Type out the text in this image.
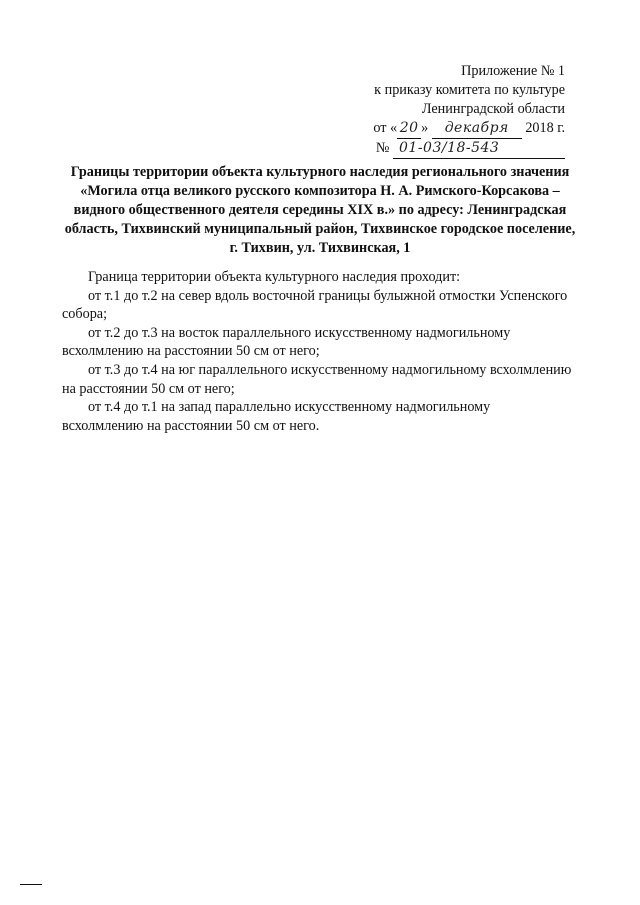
Приложение № 1
к приказу комитета по культуре
Ленинградской области
от « 20 » декабря 2018 г.
№ 01-03/18-543
Границы территории объекта культурного наследия регионального значения
«Могила отца великого русского композитора Н. А. Римского-Корсакова –
видного общественного деятеля середины XIX в.» по адресу: Ленинградская
область, Тихвинский муниципальный район, Тихвинское городское поселение,
г. Тихвин, ул. Тихвинская, 1
Граница территории объекта культурного наследия проходит:
от т.1 до т.2 на север вдоль восточной границы булыжной отмостки Успенского собора;
от т.2 до т.3 на восток параллельного искусственному надмогильному всхолмлению на расстоянии 50 см от него;
от т.3 до т.4 на юг параллельного искусственному надмогильному всхолмлению на расстоянии 50 см от него;
от т.4 до т.1 на запад параллельно искусственному надмогильному всхолмлению на расстоянии 50 см от него.
